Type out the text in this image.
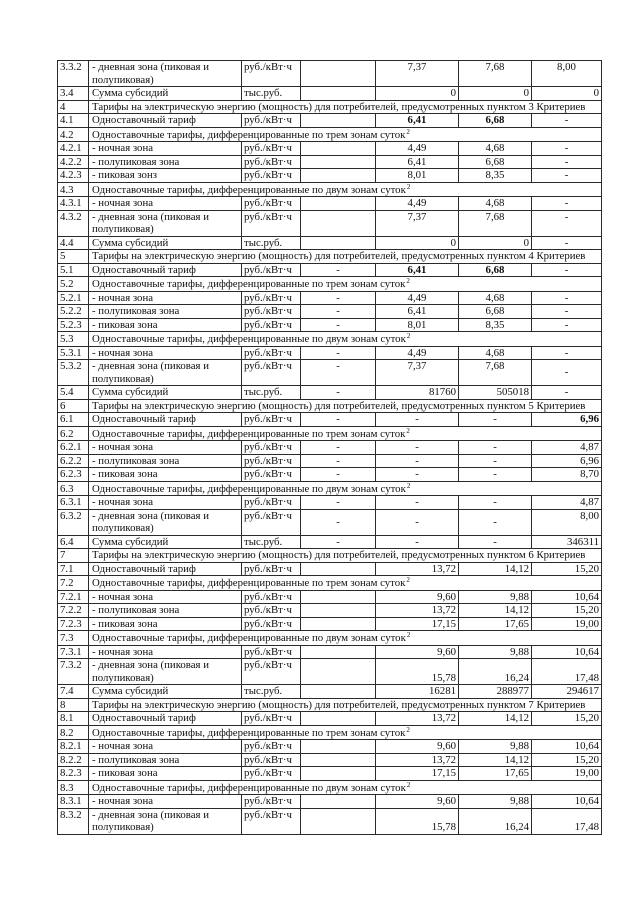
3.3.2	- дневная зона (пиковая и полупиковая)	руб./кВт·ч		7,37	7,68	8,00
3.4	Сумма субсидий	тыс.руб.		0	0	0
4	Тарифы на электрическую энергию (мощность) для потребителей, предусмотренных пунктом 3 Критериев					
4.1	Одноставочный тариф	руб./кВт·ч		6,41	6,68	-
4.2	Одноставочные тарифы, дифференцированные по трем зонам суток$^2$
4.2.1	- ночная зона	руб./кВт·ч		4,49	4,68	-
4.2.2	- полупиковая зона	руб./кВт·ч		6,41	6,68	-
4.2.3	- пиковая зонз	руб./кВт·ч		8,01	8,35	-
4.3	Одноставочные тарифы, дифференцированные по двум зонам суток$^2$
4.3.1	- ночная зона	руб./кВт·ч		4,49	4,68	-
4.3.2	- дневная зона (пиковая и полупиковая)	руб./кВт·ч		7,37	7,68	-
4.4	Сумма субсидий	тыс.руб.		0	0	-
5	Тарифы на электрическую энергию (мощность) для потребителей, предусмотренных пунктом 4 Критериев					
5.1	Одноставочный тариф	руб./кВт·ч	-	6,41	6,68	-
5.2	Одноставочные тарифы, дифференцированные по трем зонам суток$^2$
5.2.1	- ночная зона	руб./кВт·ч	-	4,49	4,68	-
5.2.2	- полупиковая зона	руб./кВт·ч	-	6,41	6,68	-
5.2.3	- пиковая зона	руб./кВт·ч	-	8,01	8,35	-
5.3	Одноставочные тарифы, дифференцированные по двум зонам суток$^2$
5.3.1	- ночная зона	руб./кВт·ч	-	4,49	4,68	-
5.3.2	- дневная зона (пиковая и полупиковая)	руб./кВт·ч	-	7,37	7,68	-
5.4	Сумма субсидий	тыс.руб.	-	81760	505018	-
6	Тарифы на электрическую энергию (мощность) для потребителей, предусмотренных пунктом 5 Критериев					
6.1	Одноставочный тариф	руб./кВт·ч	-	-	-	6,96
6.2	Одноставочные тарифы, дифференцированные по трем зонам суток$^2$
6.2.1	- ночная зона	руб./кВт·ч	-	-	-	4,87
6.2.2	- полупиковая зона	руб./кВт·ч	-	-	-	6,96
6.2.3	- пиковая зона	руб./кВт·ч	-	-	-	8,70
6.3	Одноставочные тарифы, дифференцированные по двум зонам суток$^2$
6.3.1	- ночная зона	руб./кВт·ч	-	-	-	4,87
6.3.2	- дневная зона (пиковая и полупиковая)	руб./кВт·ч	-	-	-	8,00
6.4	Сумма субсидий	тыс.руб.	-	-	-	346311
7	Тарифы на электрическую энергию (мощность) для потребителей, предусмотренных пунктом 6 Критериев					
7.1	Одноставочный тариф	руб./кВт·ч		13,72	14,12	15,20
7.2	Одноставочные тарифы, дифференцированные по трем зонам суток$^2$
7.2.1	- ночная зона	руб./кВт·ч		9,60	9,88	10,64
7.2.2	- полупиковая зона	руб./кВт·ч		13,72	14,12	15,20
7.2.3	- пиковая зона	руб./кВт·ч		17,15	17,65	19,00
7.3	Одноставочные тарифы, дифференцированные по двум зонам суток$^2$
7.3.1	- ночная зона	руб./кВт·ч		9,60	9,88	10,64
7.3.2	- дневная зона (пиковая и полупиковая)	руб./кВт·ч		15,78	16,24	17,48
7.4	Сумма субсидий	тыс.руб.		16281	288977	294617
8	Тарифы на электрическую энергию (мощность) для потребителей, предусмотренных пунктом 7 Критериев					
8.1	Одноставочный тариф	руб./кВт·ч		13,72	14,12	15,20
8.2	Одноставочные тарифы, дифференцированные по трем зонам суток$^2$
8.2.1	- ночная зона	руб./кВт·ч		9,60	9,88	10,64
8.2.2	- полупиковая зона	руб./кВт·ч		13,72	14,12	15,20
8.2.3	- пиковая зона	руб./кВт·ч		17,15	17,65	19,00
8.3	Одноставочные тарифы, дифференцированные по двум зонам суток$^2$
8.3.1	- ночная зона	руб./кВт·ч		9,60	9,88	10,64
8.3.2	- дневная зона (пиковая и полупиковая)	руб./кВт·ч		15,78	16,24	17,48
